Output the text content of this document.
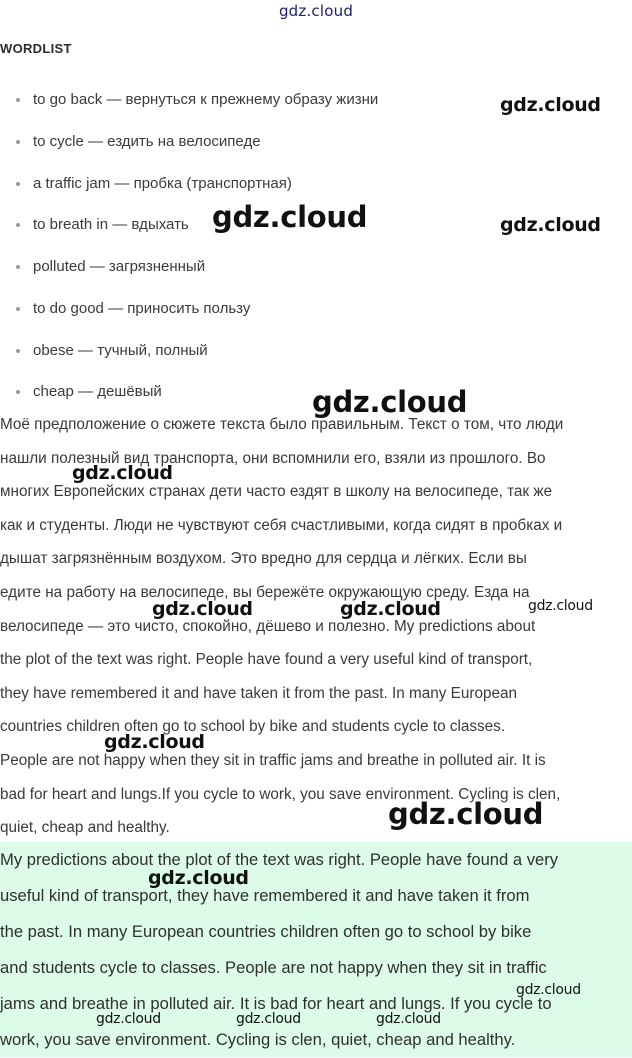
gdz.cloud
WORDLIST
to go back — вернуться к прежнему образу жизни
to cycle — ездить на велосипеде
a traffic jam — пробка (транспортная)
to breath in — вдыхать
polluted — загрязненный
to do good — приносить пользу
obese — тучный, полный
cheap — дешёвый
Моё предположение о сюжете текста было правильным. Текст о том, что люди
нашли полезный вид транспорта, они вспомнили его, взяли из прошлого. Во
многих Европейских странах дети часто ездят в школу на велосипеде, так же
как и студенты. Люди не чувствуют себя счастливыми, когда сидят в пробках и
дышат загрязнённым воздухом. Это вредно для сердца и лёгких. Если вы
едите на работу на велосипеде, вы бережёте окружающую среду. Езда на
велосипеде — это чисто, спокойно, дёшево и полезно. My predictions about
the plot of the text was right. People have found a very useful kind of transport,
they have remembered it and have taken it from the past. In many European
countries children often go to school by bike and students cycle to classes.
People are not happy when they sit in traffic jams and breathe in polluted air. It is
bad for heart and lungs.If you cycle to work, you save environment. Cycling is clen,
quiet, cheap and healthy.
My predictions about the plot of the text was right. People have found a very
useful kind of transport, they have remembered it and have taken it from
the past. In many European countries children often go to school by bike
and students cycle to classes. People are not happy when they sit in traffic
jams and breathe in polluted air. It is bad for heart and lungs. If you cycle to
work, you save environment. Cycling is clen, quiet, cheap and healthy.
gdz.cloud
gdz.cloud	gdz.cloud
gdz.cloud
gdz.cloud
gdz.cloud	gdz.cloud	gdz.cloud
gdz.cloud
gdz.cloud
gdz.cloud
gdz.cloud
gdz.cloud	gdz.cloud	gdz.cloud
